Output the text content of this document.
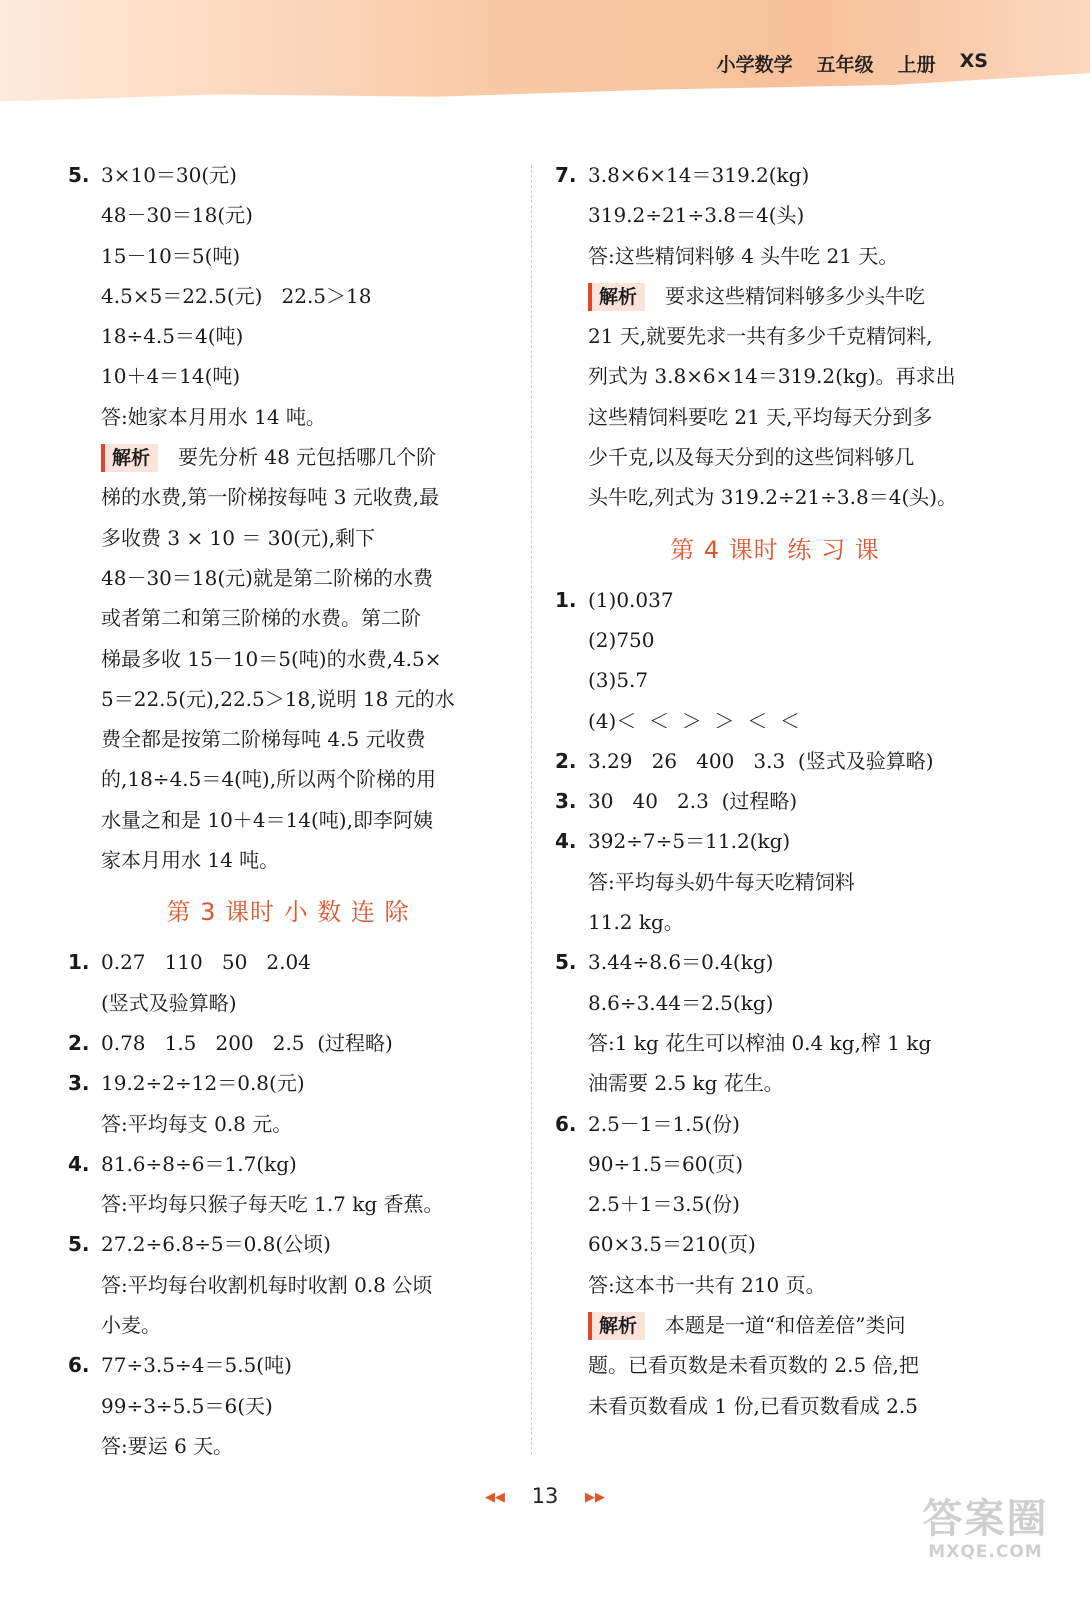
小学数学 五年级 上册 XS
5. 3×10＝30(元)
48－30＝18(元)
15－10＝5(吨)
4.5×5＝22.5(元)   22.5＞18
18÷4.5＝4(吨)
10＋4＝14(吨)
答:她家本月用水 14 吨。
解析 要先分析 48 元包括哪几个阶
梯的水费,第一阶梯按每吨 3 元收费,最
多收费 3 × 10 ＝ 30(元),剩下
48－30＝18(元)就是第二阶梯的水费
或者第二和第三阶梯的水费。第二阶
梯最多收 15－10＝5(吨)的水费,4.5×
5＝22.5(元),22.5＞18,说明 18 元的水
费全都是按第二阶梯每吨 4.5 元收费
的,18÷4.5＝4(吨),所以两个阶梯的用
水量之和是 10＋4＝14(吨),即李阿姨
家本月用水 14 吨。
第 3 课时 小 数 连 除
1. 0.27   110   50   2.04
(竖式及验算略)
2. 0.78   1.5   200   2.5  (过程略)
3. 19.2÷2÷12＝0.8(元)
答:平均每支 0.8 元。
4. 81.6÷8÷6＝1.7(kg)
答:平均每只猴子每天吃 1.7 kg 香蕉。
5. 27.2÷6.8÷5＝0.8(公顷)
答:平均每台收割机每时收割 0.8 公顷
小麦。
6. 77÷3.5÷4＝5.5(吨)
99÷3÷5.5＝6(天)
答:要运 6 天。
7. 3.8×6×14＝319.2(kg)
319.2÷21÷3.8＝4(头)
答:这些精饲料够 4 头牛吃 21 天。
解析 要求这些精饲料够多少头牛吃
21 天,就要先求一共有多少千克精饲料,
列式为 3.8×6×14＝319.2(kg)。再求出
这些精饲料要吃 21 天,平均每天分到多
少千克,以及每天分到的这些饲料够几
头牛吃,列式为 319.2÷21÷3.8＝4(头)。
第 4 课时 练 习 课
1. (1)0.037
(2)750
(3)5.7
(4)＜  ＜  ＞  ＞  ＜  ＜
2. 3.29   26   400   3.3  (竖式及验算略)
3. 30   40   2.3  (过程略)
4. 392÷7÷5＝11.2(kg)
答:平均每头奶牛每天吃精饲料
11.2 kg。
5. 3.44÷8.6＝0.4(kg)
8.6÷3.44＝2.5(kg)
答:1 kg 花生可以榨油 0.4 kg,榨 1 kg
油需要 2.5 kg 花生。
6. 2.5－1＝1.5(份)
90÷1.5＝60(页)
2.5＋1＝3.5(份)
60×3.5＝210(页)
答:这本书一共有 210 页。
解析 本题是一道“和倍差倍”类问
题。已看页数是未看页数的 2.5 倍,把
未看页数看成 1 份,已看页数看成 2.5
◀◀ 13 ▶▶	答案圈
MXQE.COM
